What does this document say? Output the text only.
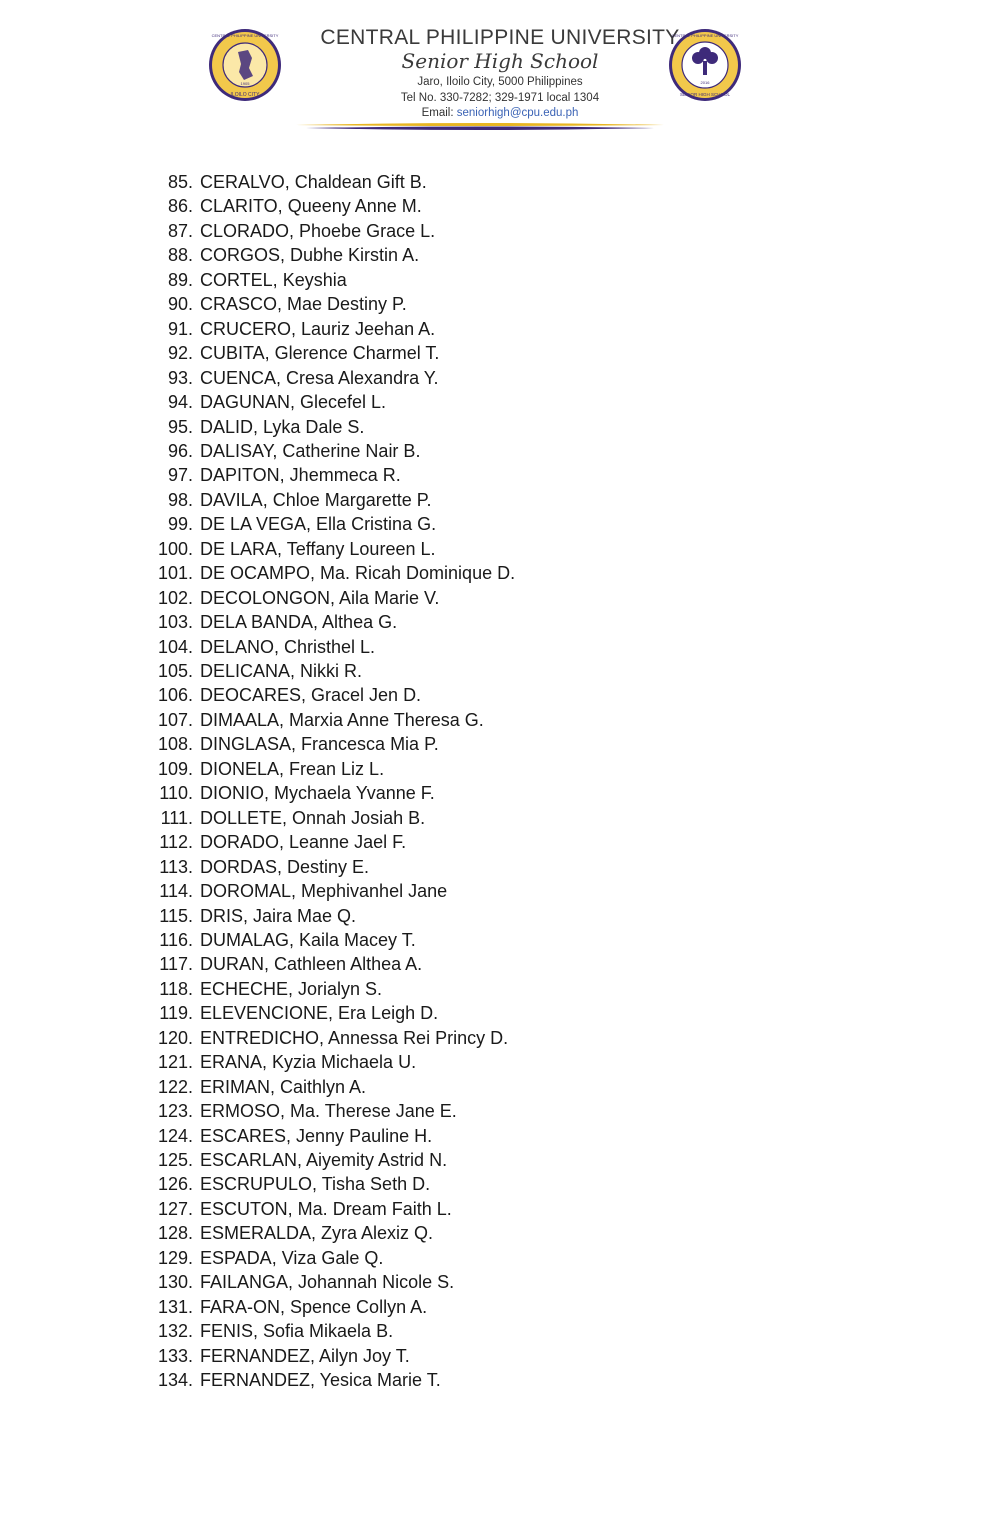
ILOILO CITY
CENTRAL PHILIPPINE UNIVERSITY
1905
CENTRAL PHILIPPINE UNIVERSITY
Senior High School
Jaro, Iloilo City, 5000 Philippines
Tel No. 330-7282; 329-1971 local 1304
Email: seniorhigh@cpu.edu.ph
CENTRAL PHILIPPINE UNIVERSITY
SENIOR HIGH SCHOOL
2016
85. CERALVO, Chaldean Gift B.
86. CLARITO, Queeny Anne M.
87. CLORADO, Phoebe Grace L.
88. CORGOS, Dubhe Kirstin A.
89. CORTEL, Keyshia
90. CRASCO, Mae Destiny P.
91. CRUCERO, Lauriz Jeehan A.
92. CUBITA, Glerence Charmel T.
93. CUENCA, Cresa Alexandra Y.
94. DAGUNAN, Glecefel L.
95. DALID, Lyka Dale S.
96. DALISAY, Catherine Nair B.
97. DAPITON, Jhemmeca R.
98. DAVILA, Chloe Margarette P.
99. DE LA VEGA, Ella Cristina G.
100. DE LARA, Teffany Loureen L.
101. DE OCAMPO, Ma. Ricah Dominique D.
102. DECOLONGON, Aila Marie V.
103. DELA BANDA, Althea G.
104. DELANO, Christhel L.
105. DELICANA, Nikki R.
106. DEOCARES, Gracel Jen D.
107. DIMAALA, Marxia Anne Theresa G.
108. DINGLASA, Francesca Mia P.
109. DIONELA, Frean Liz L.
110. DIONIO, Mychaela Yvanne F.
111. DOLLETE, Onnah Josiah B.
112. DORADO, Leanne Jael F.
113. DORDAS, Destiny E.
114. DOROMAL, Mephivanhel Jane
115. DRIS, Jaira Mae Q.
116. DUMALAG, Kaila Macey T.
117. DURAN, Cathleen Althea A.
118. ECHECHE, Jorialyn S.
119. ELEVENCIONE, Era Leigh D.
120. ENTREDICHO, Annessa Rei Princy D.
121. ERANA, Kyzia Michaela U.
122. ERIMAN, Caithlyn A.
123. ERMOSO, Ma. Therese Jane E.
124. ESCARES, Jenny Pauline H.
125. ESCARLAN, Aiyemity Astrid N.
126. ESCRUPULO, Tisha Seth D.
127. ESCUTON, Ma. Dream Faith L.
128. ESMERALDA, Zyra Alexiz Q.
129. ESPADA, Viza Gale Q.
130. FAILANGA, Johannah Nicole S.
131. FARA-ON, Spence Collyn A.
132. FENIS, Sofia Mikaela B.
133. FERNANDEZ, Ailyn Joy T.
134. FERNANDEZ, Yesica Marie T.
